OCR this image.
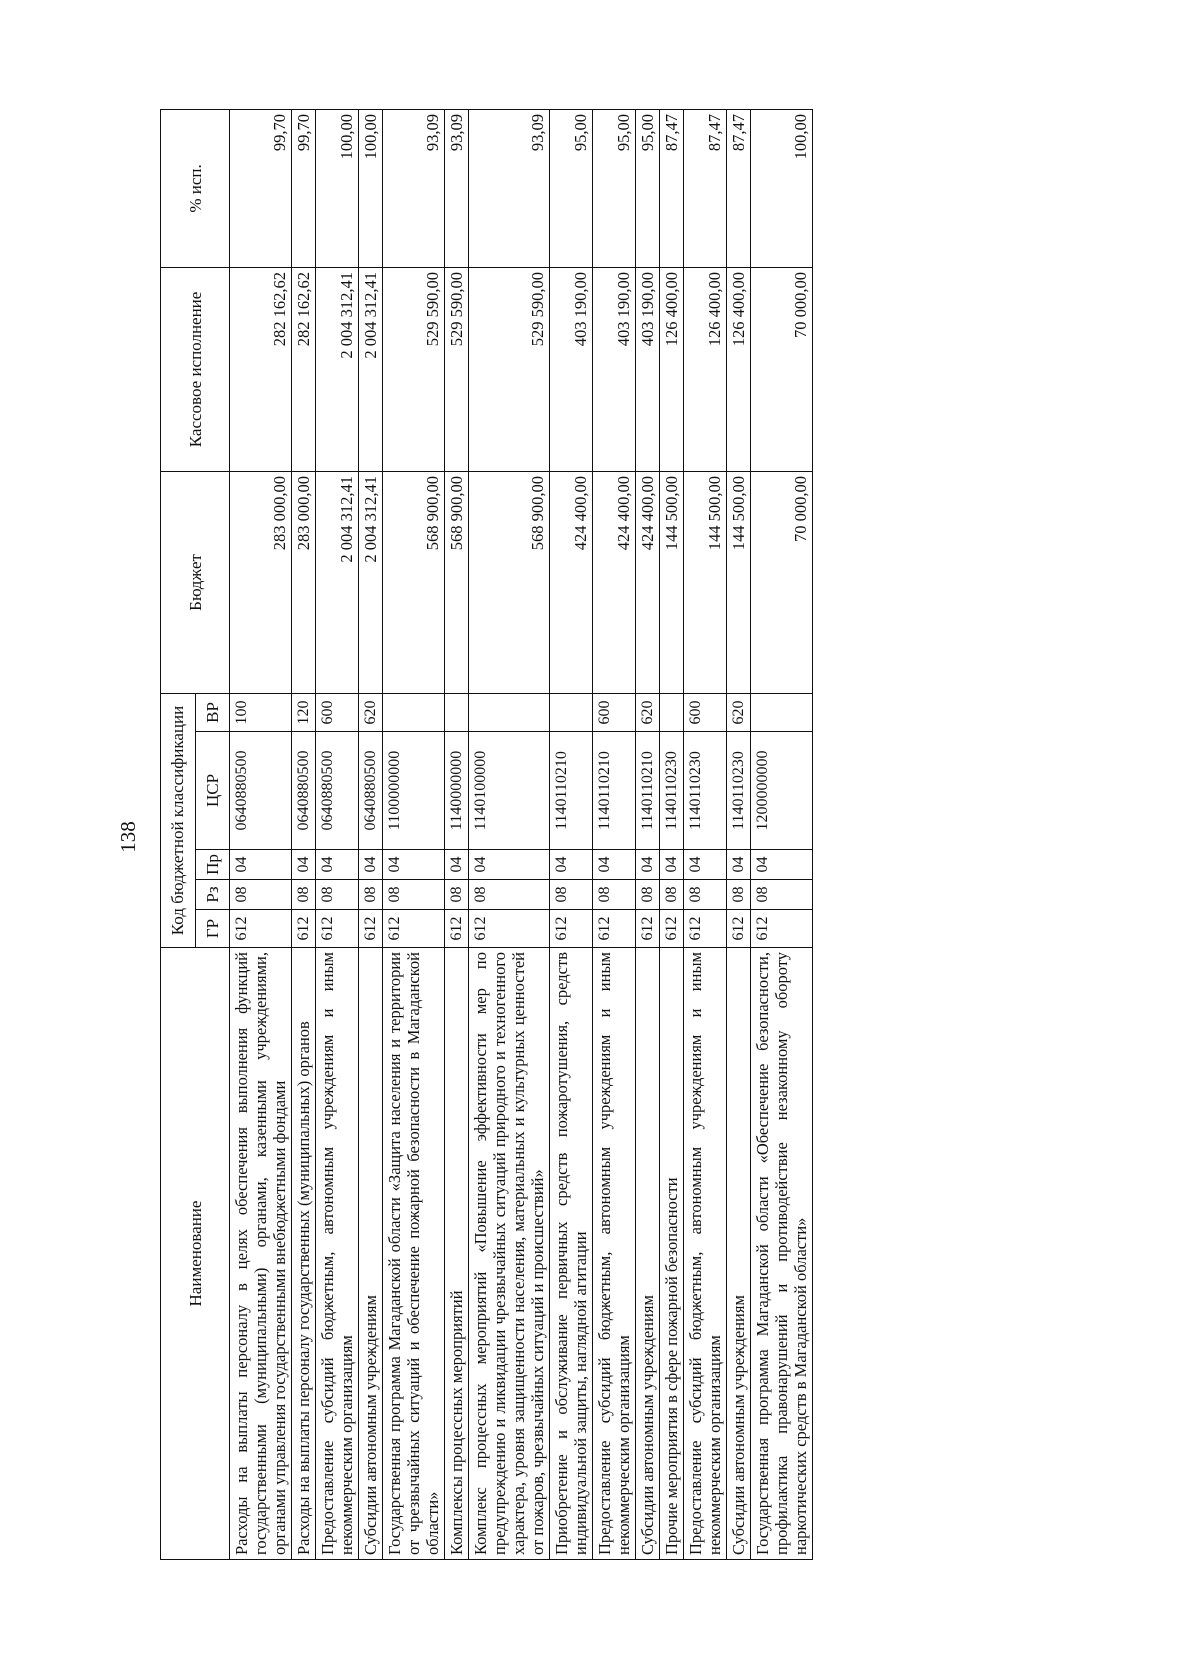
138
Наименование	Код бюджетной классификации					Бюджет	Кассовое исполнение	% исп.
	ГР	Рз	Пр	ЦСР	ВР			
Расходы на выплаты персоналу в целях обеспечения выполнения функций государственными (муниципальными) органами, казенными учреждениями, органами управления государственными внебюджетными фондами	612	08	04	0640880500	100	283 000,00	282 162,62	99,70
Расходы на выплаты персоналу государственных (муниципальных) органов	612	08	04	0640880500	120	283 000,00	282 162,62	99,70
Предоставление субсидий бюджетным, автономным учреждениям и иным некоммерческим организациям	612	08	04	0640880500	600	2 004 312,41	2 004 312,41	100,00
Субсидии автономным учреждениям	612	08	04	0640880500	620	2 004 312,41	2 004 312,41	100,00
Государственная программа Магаданской области «Защита населения и территории от чрезвычайных ситуаций и обеспечение пожарной безопасности в Магаданской области»	612	08	04	1100000000		568 900,00	529 590,00	93,09
Комплексы процессных мероприятий	612	08	04	1140000000		568 900,00	529 590,00	93,09
Комплекс процессных мероприятий «Повышение эффективности мер по предупреждению и ликвидации чрезвычайных ситуаций природного и техногенного характера, уровня защищенности населения, материальных и культурных ценностей от пожаров, чрезвычайных ситуаций и происшествий»	612	08	04	1140100000		568 900,00	529 590,00	93,09
Приобретение и обслуживание первичных средств пожаротушения, средств индивидуальной защиты, наглядной агитации	612	08	04	1140110210		424 400,00	403 190,00	95,00
Предоставление субсидий бюджетным, автономным учреждениям и иным некоммерческим организациям	612	08	04	1140110210	600	424 400,00	403 190,00	95,00
Субсидии автономным учреждениям	612	08	04	1140110210	620	424 400,00	403 190,00	95,00
Прочие мероприятия в сфере пожарной безопасности	612	08	04	1140110230		144 500,00	126 400,00	87,47
Предоставление субсидий бюджетным, автономным учреждениям и иным некоммерческим организациям	612	08	04	1140110230	600	144 500,00	126 400,00	87,47
Субсидии автономным учреждениям	612	08	04	1140110230	620	144 500,00	126 400,00	87,47
Государственная программа Магаданской области «Обеспечение безопасности, профилактика правонарушений и противодействие незаконному обороту наркотических средств в Магаданской области»	612	08	04	1200000000		70 000,00	70 000,00	100,00
